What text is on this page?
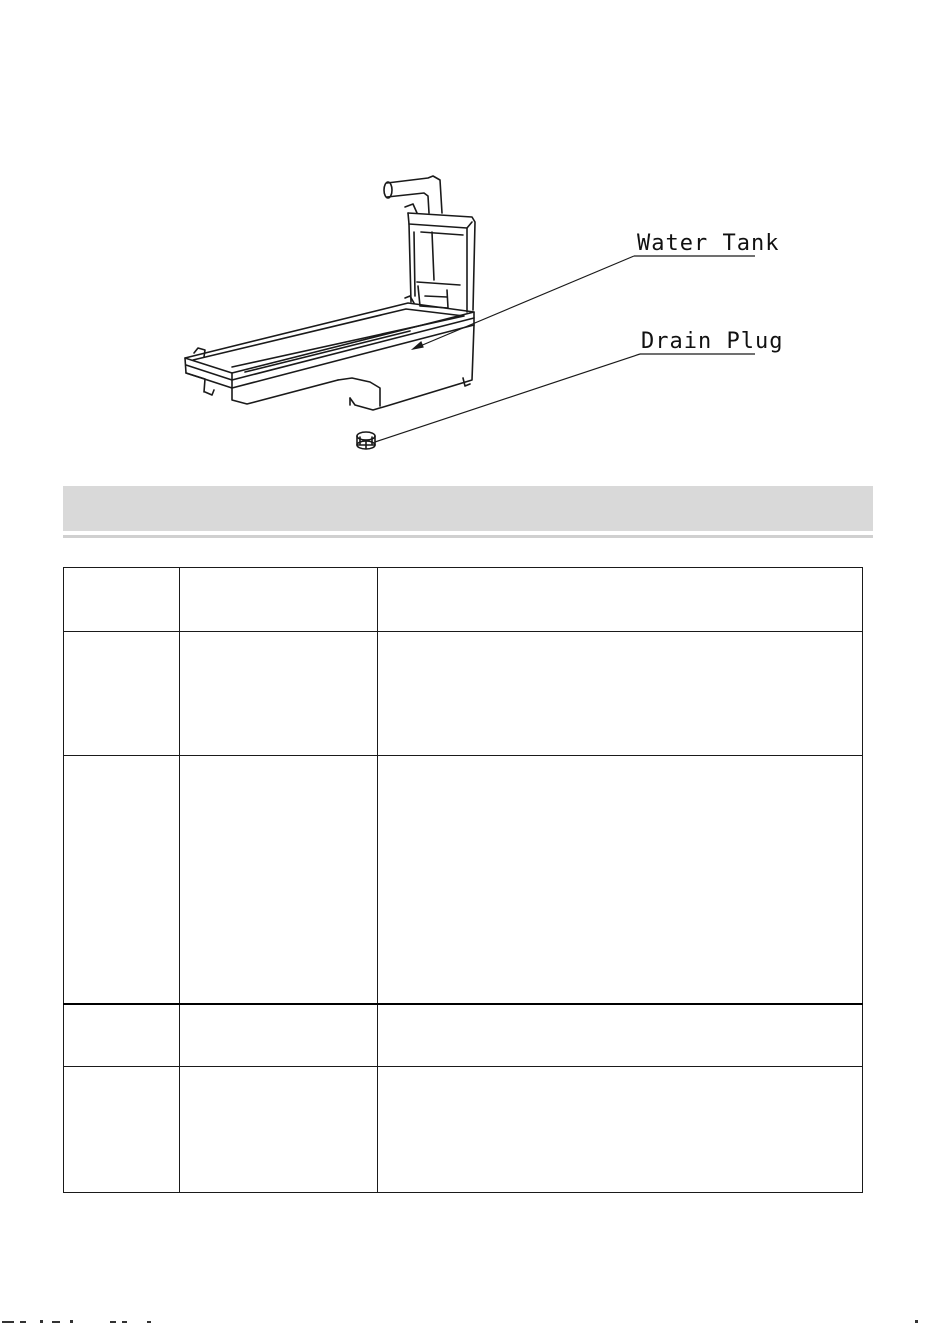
Water Tank
Drain Plug
